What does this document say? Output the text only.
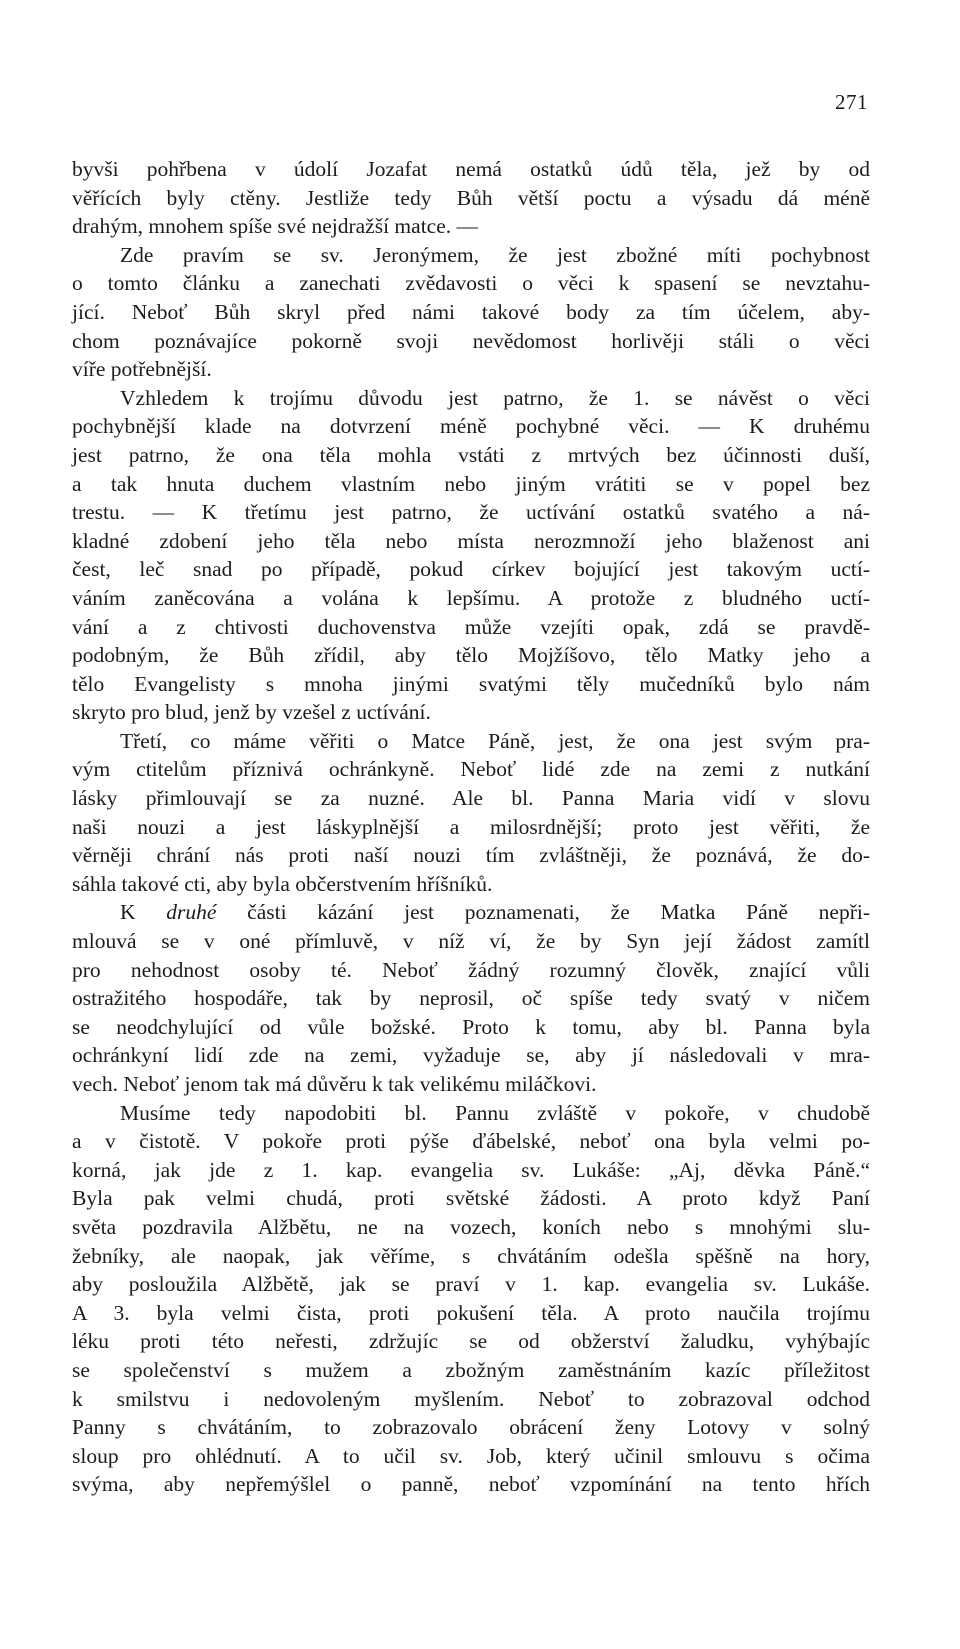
271
byvši pohřbena v údolí Jozafat nemá ostatků údů těla, jež by od
věřících byly ctěny. Jestliže tedy Bůh větší poctu a výsadu dá méně
drahým, mnohem spíše své nejdražší matce. —
Zde pravím se sv. Jeronýmem, že jest zbožné míti pochybnost
o tomto článku a zanechati zvědavosti o věci k spasení se nevztahu-
jící. Neboť Bůh skryl před námi takové body za tím účelem, aby-
chom poznávajíce pokorně svoji nevědomost horlivěji stáli o věci
víře potřebnější.
Vzhledem k trojímu důvodu jest patrno, že 1. se návěst o věci
pochybnější klade na dotvrzení méně pochybné věci. — K druhému
jest patrno, že ona těla mohla vstáti z mrtvých bez účinnosti duší,
a tak hnuta duchem vlastním nebo jiným vrátiti se v popel bez
trestu. — K třetímu jest patrno, že uctívání ostatků svatého a ná-
kladné zdobení jeho těla nebo místa nerozmnoží jeho blaženost ani
čest, leč snad po případě, pokud církev bojující jest takovým uctí-
váním zaněcována a volána k lepšímu. A protože z bludného uctí-
vání a z chtivosti duchovenstva může vzejíti opak, zdá se pravdě-
podobným, že Bůh zřídil, aby tělo Mojžíšovo, tělo Matky jeho a
tělo Evangelisty s mnoha jinými svatými těly mučedníků bylo nám
skryto pro blud, jenž by vzešel z uctívání.
Třetí, co máme věřiti o Matce Páně, jest, že ona jest svým pra-
vým ctitelům příznivá ochránkyně. Neboť lidé zde na zemi z nutkání
lásky přimlouvají se za nuzné. Ale bl. Panna Maria vidí v slovu
naši nouzi a jest láskyplnější a milosrdnější; proto jest věřiti, že
věrněji chrání nás proti naší nouzi tím zvláštněji, že poznává, že do-
sáhla takové cti, aby byla občerstvením hříšníků.
K druhé části kázání jest poznamenati, že Matka Páně nepři-
mlouvá se v oné přímluvě, v níž ví, že by Syn její žádost zamítl
pro nehodnost osoby té. Neboť žádný rozumný člověk, znající vůli
ostražitého hospodáře, tak by neprosil, oč spíše tedy svatý v ničem
se neodchylující od vůle božské. Proto k tomu, aby bl. Panna byla
ochránkyní lidí zde na zemi, vyžaduje se, aby jí následovali v mra-
vech. Neboť jenom tak má důvěru k tak velikému miláčkovi.
Musíme tedy napodobiti bl. Pannu zvláště v pokoře, v chudobě
a v čistotě. V pokoře proti pýše ďábelské, neboť ona byla velmi po-
korná, jak jde z 1. kap. evangelia sv. Lukáše: „Aj, děvka Páně.“
Byla pak velmi chudá, proti světské žádosti. A proto když Paní
světa pozdravila Alžbětu, ne na vozech, koních nebo s mnohými slu-
žebníky, ale naopak, jak věříme, s chvátáním odešla spěšně na hory,
aby posloužila Alžbětě, jak se praví v 1. kap. evangelia sv. Lukáše.
A 3. byla velmi čista, proti pokušení těla. A proto naučila trojímu
léku proti této neřesti, zdržujíc se od obžerství žaludku, vyhýbajíc
se společenství s mužem a zbožným zaměstnáním kazíc příležitost
k smilstvu i nedovoleným myšlením. Neboť to zobrazoval odchod
Panny s chvátáním, to zobrazovalo obrácení ženy Lotovy v solný
sloup pro ohlédnutí. A to učil sv. Job, který učinil smlouvu s očima
svýma, aby nepřemýšlel o panně, neboť vzpomínání na tento hřích
